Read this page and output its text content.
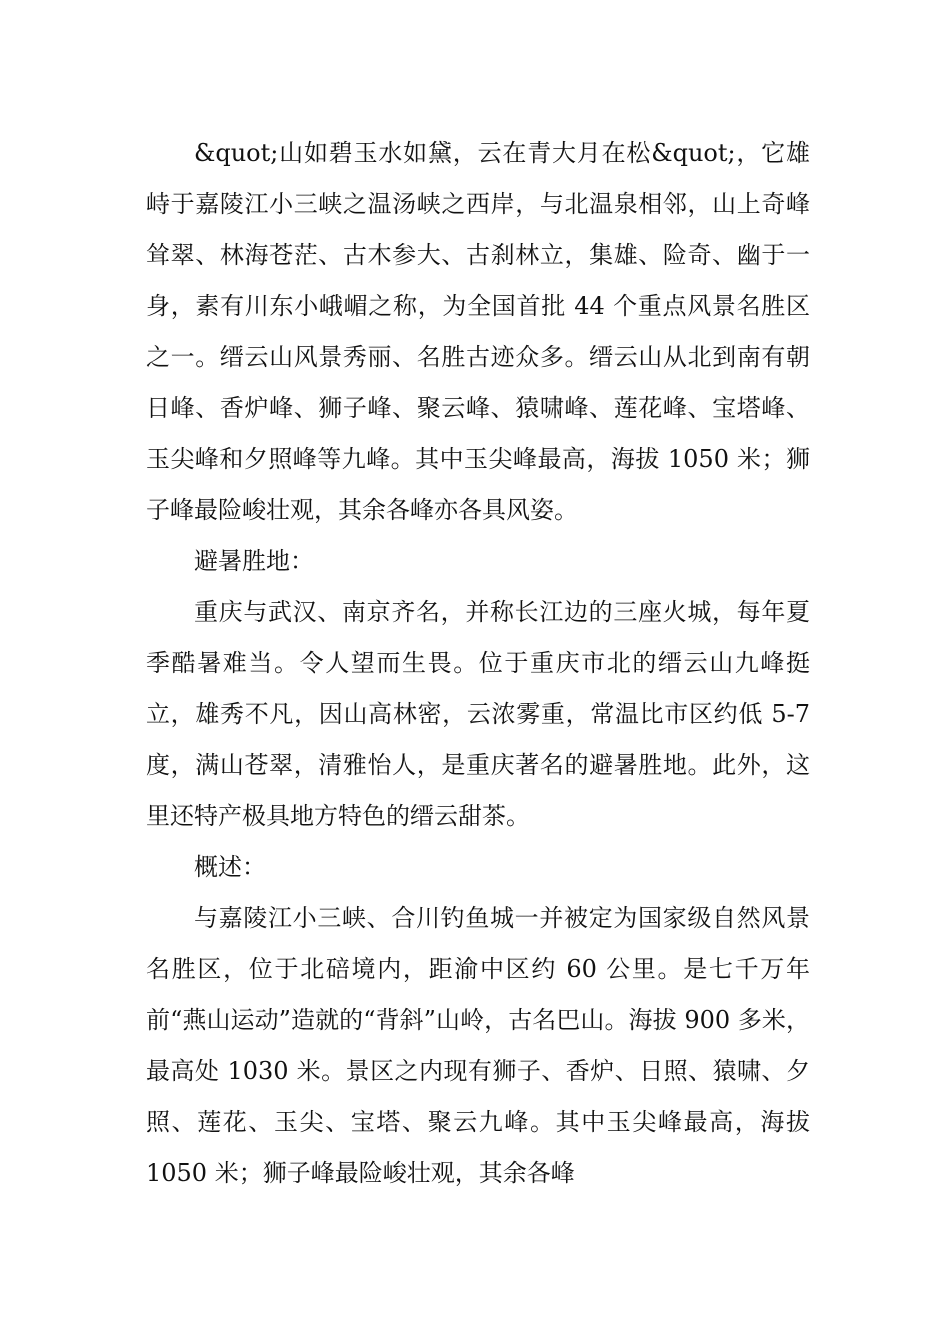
&quot;山如碧玉水如黛，云在青大月在松&quot;，它雄峙于嘉陵江小三峡之温汤峡之西岸，与北温泉相邻，山上奇峰耸翠、林海苍茫、古木参大、古刹林立，集雄、险奇、幽于一身，素有川东小峨嵋之称，为全国首批 44 个重点风景名胜区之一。缙云山风景秀丽、名胜古迹众多。缙云山从北到南有朝日峰、香炉峰、狮子峰、聚云峰、猿啸峰、莲花峰、宝塔峰、玉尖峰和夕照峰等九峰。其中玉尖峰最高，海拔 1050 米；狮子峰最险峻壮观，其余各峰亦各具风姿。

避暑胜地：

重庆与武汉、南京齐名，并称长江边的三座火城，每年夏季酷暑难当。令人望而生畏。位于重庆市北的缙云山九峰挺立，雄秀不凡，因山高林密，云浓雾重，常温比市区约低 5-7 度，满山苍翠，清雅怡人，是重庆著名的避暑胜地。此外，这里还特产极具地方特色的缙云甜茶。

概述：

与嘉陵江小三峡、合川钓鱼城一并被定为国家级自然风景名胜区，位于北碚境内，距渝中区约 60 公里。是七千万年前“燕山运动”造就的“背斜”山岭，古名巴山。海拔 900 多米，最高处 1030 米。景区之内现有狮子、香炉、日照、猿啸、夕照、莲花、玉尖、宝塔、聚云九峰。其中玉尖峰最高，海拔 1050 米；狮子峰最险峻壮观，其余各峰
